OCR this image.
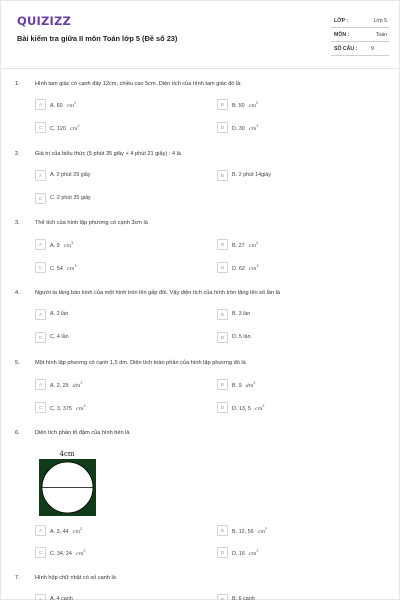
QUIZIZZ
Bài kiểm tra giữa II môn Toán lớp 5 (Đề số 23)
LỚP :	Lớp 5
MÔN :	Toán
SỐ CÂU :	9
1.	Hình tam giác có cạnh đáy 12cm, chiều cao 5cm. Diện tích của hình tam giác đó là:
A	A. 60 $cm^2$	B	B. 50 $cm^2$
C	C. 120 $cm^2$	D	D. 30 $cm^2$
2.	Giá trị của biểu thức (5 phút 35 giây + 4 phút 21 giây) : 4 là
A	A. 2 phút 29 giây	B	B. 2 phút 14giây
C	C. 2 phút 35 giây
3.	Thể tích của hình lập phương có cạnh 3cm là
A	A. 9 $cm^3$	B	B. 27 $cm^3$
C	C. 54 $cm^3$	D	D. 62 $cm^3$
4.	Người ta tăng bán kính của một hình tròn lên gấp đôi. Vậy diện tích của hình tròn tăng lên số lần là
A	A. 2 lần	B	B. 3 lần
C	C. 4 lần	D	D. 5 lần
5.	Một hình lập phương có cạnh 1,5 dm. Diện tích toàn phần của hình lập phương đó là
A	A. 2, 25 $dm^2$	B	B. 9 $dm^2$
C	C. 3, 375 $cm^2$	D	D. 13, 5 $cm^2$
6.	Diện tích phần tô đậm của hình bên là
4cm
A	A. 3, 44 $cm^2$	B	B. 12, 56 $cm^2$
C	C. 34, 24 $cm^2$	D	D. 16 $cm^2$
7.	Hình hộp chữ nhật có số cạnh là
A	A. 4 cạnh	B	B. 6 cạnh
